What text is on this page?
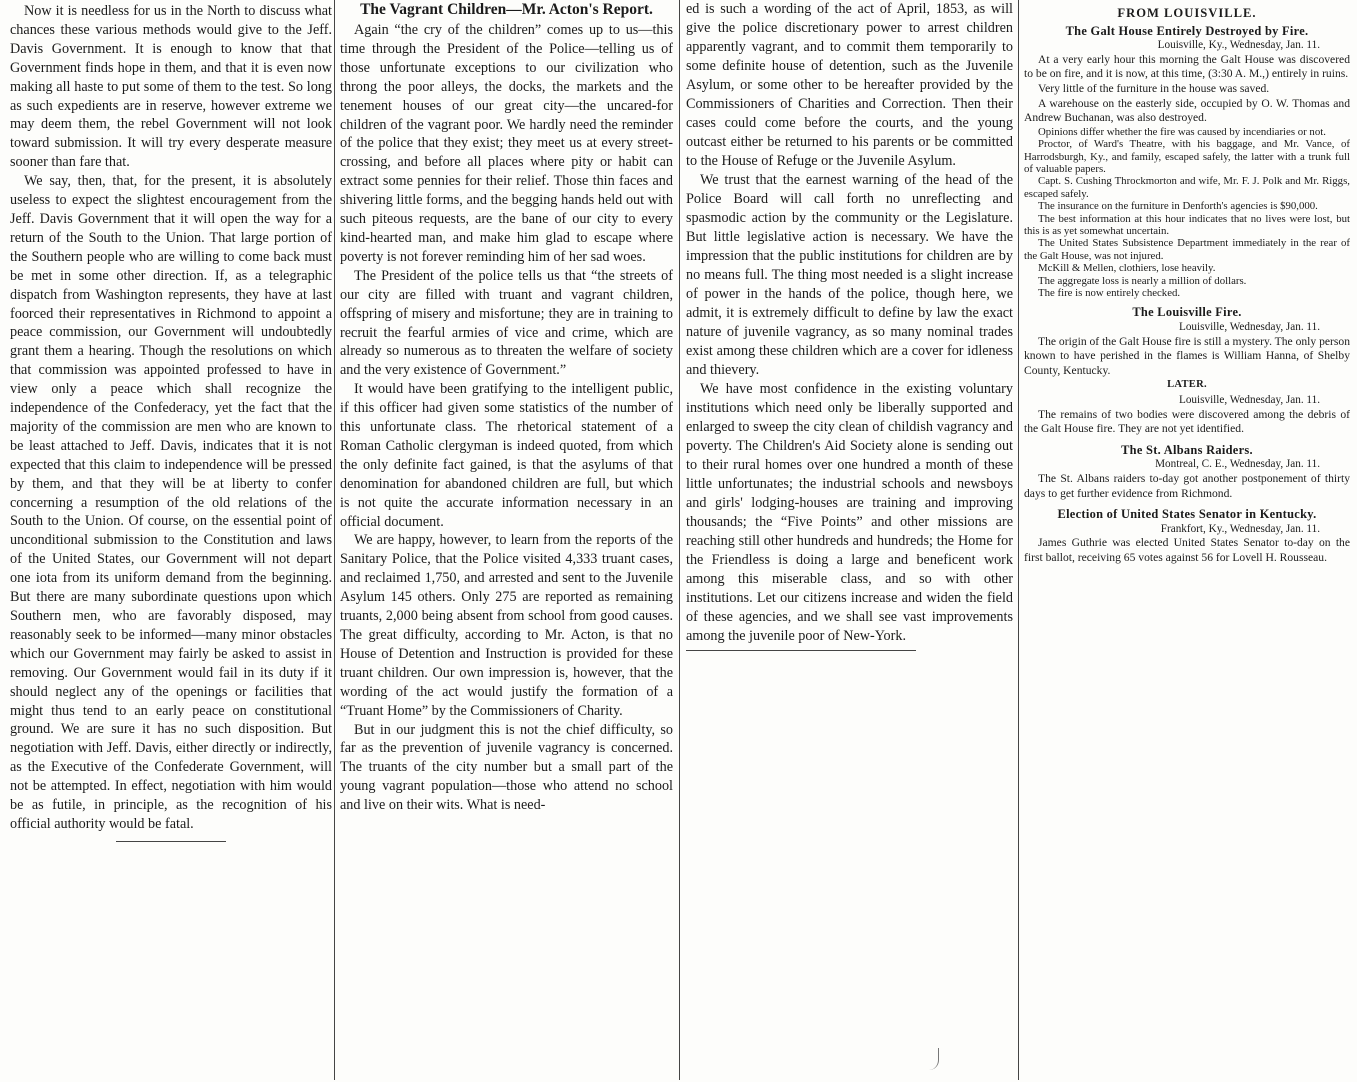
Now it is needless for us in the North to discuss what chances these various methods would give to the Jeff. Davis Government. It is enough to know that that Government finds hope in them, and that it is even now making all haste to put some of them to the test. So long as such expedients are in reserve, however extreme we may deem them, the rebel Government will not look toward submission. It will try every desperate measure sooner than fare that.

We say, then, that, for the present, it is absolutely useless to expect the slightest encouragement from the Jeff. Davis Government that it will open the way for a return of the South to the Union. That large portion of the Southern people who are willing to come back must be met in some other direction. If, as a telegraphic dispatch from Washington represents, they have at last foorced their representatives in Richmond to appoint a peace commission, our Government will undoubtedly grant them a hearing. Though the resolutions on which that commission was appointed professed to have in view only a peace which shall recognize the independence of the Confederacy, yet the fact that the majority of the commission are men who are known to be least attached to Jeff. Davis, indicates that it is not expected that this claim to independence will be pressed by them, and that they will be at liberty to confer concerning a resumption of the old relations of the South to the Union. Of course, on the essential point of unconditional submission to the Constitution and laws of the United States, our Government will not depart one iota from its uniform demand from the beginning. But there are many subordinate questions upon which Southern men, who are favorably disposed, may reasonably seek to be informed—many minor obstacles which our Government may fairly be asked to assist in removing. Our Government would fail in its duty if it should neglect any of the openings or facilities that might thus tend to an early peace on constitutional ground. We are sure it has no such disposition. But negotiation with Jeff. Davis, either directly or indirectly, as the Executive of the Confederate Government, will not be attempted. In effect, negotiation with him would be as futile, in principle, as the recognition of his official authority would be fatal.

The Vagrant Children—Mr. Acton's Report.

Again “the cry of the children” comes up to us—this time through the President of the Police—telling us of those unfortunate exceptions to our civilization who throng the poor alleys, the docks, the markets and the tenement houses of our great city—the uncared-for children of the vagrant poor. We hardly need the reminder of the police that they exist; they meet us at every street-crossing, and before all places where pity or habit can extract some pennies for their relief. Those thin faces and shivering little forms, and the begging hands held out with such piteous requests, are the bane of our city to every kind-hearted man, and make him glad to escape where poverty is not forever reminding him of her sad woes.

The President of the police tells us that “the streets of our city are filled with truant and vagrant children, offspring of misery and misfortune; they are in training to recruit the fearful armies of vice and crime, which are already so numerous as to threaten the welfare of society and the very existence of Government.”

It would have been gratifying to the intelligent public, if this officer had given some statistics of the number of this unfortunate class. The rhetorical statement of a Roman Catholic clergyman is indeed quoted, from which the only definite fact gained, is that the asylums of that denomination for abandoned children are full, but which is not quite the accurate information necessary in an official document.

We are happy, however, to learn from the reports of the Sanitary Police, that the Police visited 4,333 truant cases, and reclaimed 1,750, and arrested and sent to the Juvenile Asylum 145 others. Only 275 are reported as remaining truants, 2,000 being absent from school from good causes. The great difficulty, according to Mr. Acton, is that no House of Detention and Instruction is provided for these truant children. Our own impression is, however, that the wording of the act would justify the formation of a “Truant Home” by the Commissioners of Charity.

But in our judgment this is not the chief difficulty, so far as the prevention of juvenile vagrancy is concerned. The truants of the city number but a small part of the young vagrant population—those who attend no school and live on their wits. What is need-

ed is such a wording of the act of April, 1853, as will give the police discretionary power to arrest children apparently vagrant, and to commit them temporarily to some definite house of detention, such as the Juvenile Asylum, or some other to be hereafter provided by the Commissioners of Charities and Correction. Then their cases could come before the courts, and the young outcast either be returned to his parents or be committed to the House of Refuge or the Juvenile Asylum.

We trust that the earnest warning of the head of the Police Board will call forth no unreflecting and spasmodic action by the community or the Legislature. But little legislative action is necessary. We have the impression that the public institutions for children are by no means full. The thing most needed is a slight increase of power in the hands of the police, though here, we admit, it is extremely difficult to define by law the exact nature of juvenile vagrancy, as so many nominal trades exist among these children which are a cover for idleness and thievery.

We have most confidence in the existing voluntary institutions which need only be liberally supported and enlarged to sweep the city clean of childish vagrancy and poverty. The Children's Aid Society alone is sending out to their rural homes over one hundred a month of these little unfortunates; the industrial schools and newsboys and girls' lodging-houses are training and improving thousands; the “Five Points” and other missions are reaching still other hundreds and hundreds; the Home for the Friendless is doing a large and beneficent work among this miserable class, and so with other institutions. Let our citizens increase and widen the field of these agencies, and we shall see vast improvements among the juvenile poor of New-York.

FROM LOUISVILLE.

The Galt House Entirely Destroyed by Fire.

Louisville, Ky., Wednesday, Jan. 11.

At a very early hour this morning the Galt House was discovered to be on fire, and it is now, at this time, (3:30 A. M.,) entirely in ruins.

Very little of the furniture in the house was saved.

A warehouse on the easterly side, occupied by O. W. Thomas and Andrew Buchanan, was also destroyed.

Opinions differ whether the fire was caused by incendiaries or not.

Proctor, of Ward's Theatre, with his baggage, and Mr. Vance, of Harrodsburgh, Ky., and family, escaped safely, the latter with a trunk full of valuable papers.

Capt. S. Cushing Throckmorton and wife, Mr. F. J. Polk and Mr. Riggs, escaped safely.

The insurance on the furniture in Denforth's agencies is $90,000.

The best information at this hour indicates that no lives were lost, but this is as yet somewhat uncertain.

The United States Subsistence Department immediately in the rear of the Galt House, was not injured.

McKill & Mellen, clothiers, lose heavily.

The aggregate loss is nearly a million of dollars.

The fire is now entirely checked.

The Louisville Fire.

Louisville, Wednesday, Jan. 11.

The origin of the Galt House fire is still a mystery. The only person known to have perished in the flames is William Hanna, of Shelby County, Kentucky.

LATER.

Louisville, Wednesday, Jan. 11.

The remains of two bodies were discovered among the debris of the Galt House fire. They are not yet identified.

The St. Albans Raiders.

Montreal, C. E., Wednesday, Jan. 11.

The St. Albans raiders to-day got another postponement of thirty days to get further evidence from Richmond.

Election of United States Senator in Kentucky.

Frankfort, Ky., Wednesday, Jan. 11.

James Guthrie was elected United States Senator to-day on the first ballot, receiving 65 votes against 56 for Lovell H. Rousseau.
